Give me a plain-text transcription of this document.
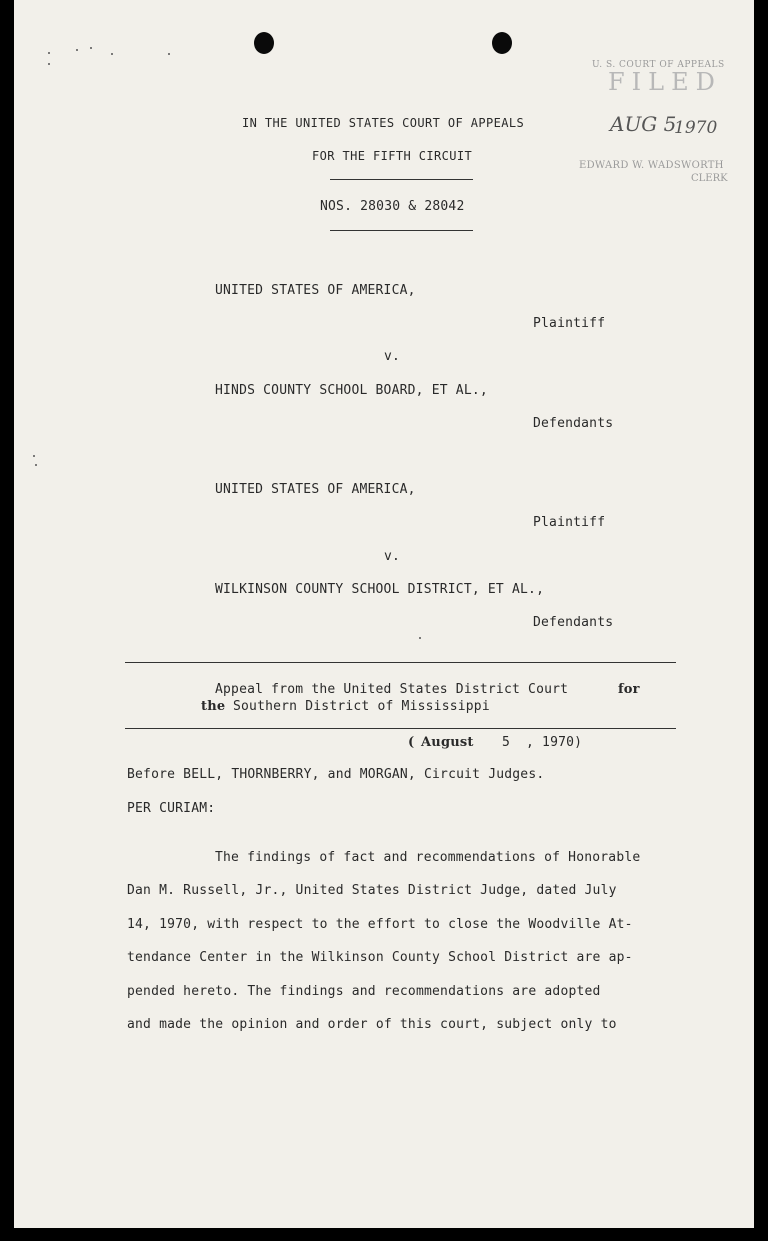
U. S. COURT OF APPEALS
FILED
AUG 5
1970
EDWARD W. WADSWORTH
CLERK
IN THE UNITED STATES COURT OF APPEALS
FOR THE FIFTH CIRCUIT
NOS. 28030 & 28042
UNITED STATES OF AMERICA,
Plaintiff
v.
HINDS COUNTY SCHOOL BOARD, ET AL.,
Defendants
UNITED STATES OF AMERICA,
Plaintiff
v.
WILKINSON COUNTY SCHOOL DISTRICT, ET AL.,
Defendants
Appeal from the United States District Court	for
the Southern District of Mississippi
( August 5 , 1970)
Before BELL, THORNBERRY, and MORGAN, Circuit Judges.
PER CURIAM:
The findings of fact and recommendations of Honorable
Dan M. Russell, Jr., United States District Judge, dated July
14, 1970, with respect to the effort to close the Woodville At-
tendance Center in the Wilkinson County School District are ap-
pended hereto. The findings and recommendations are adopted
and made the opinion and order of this court, subject only to
